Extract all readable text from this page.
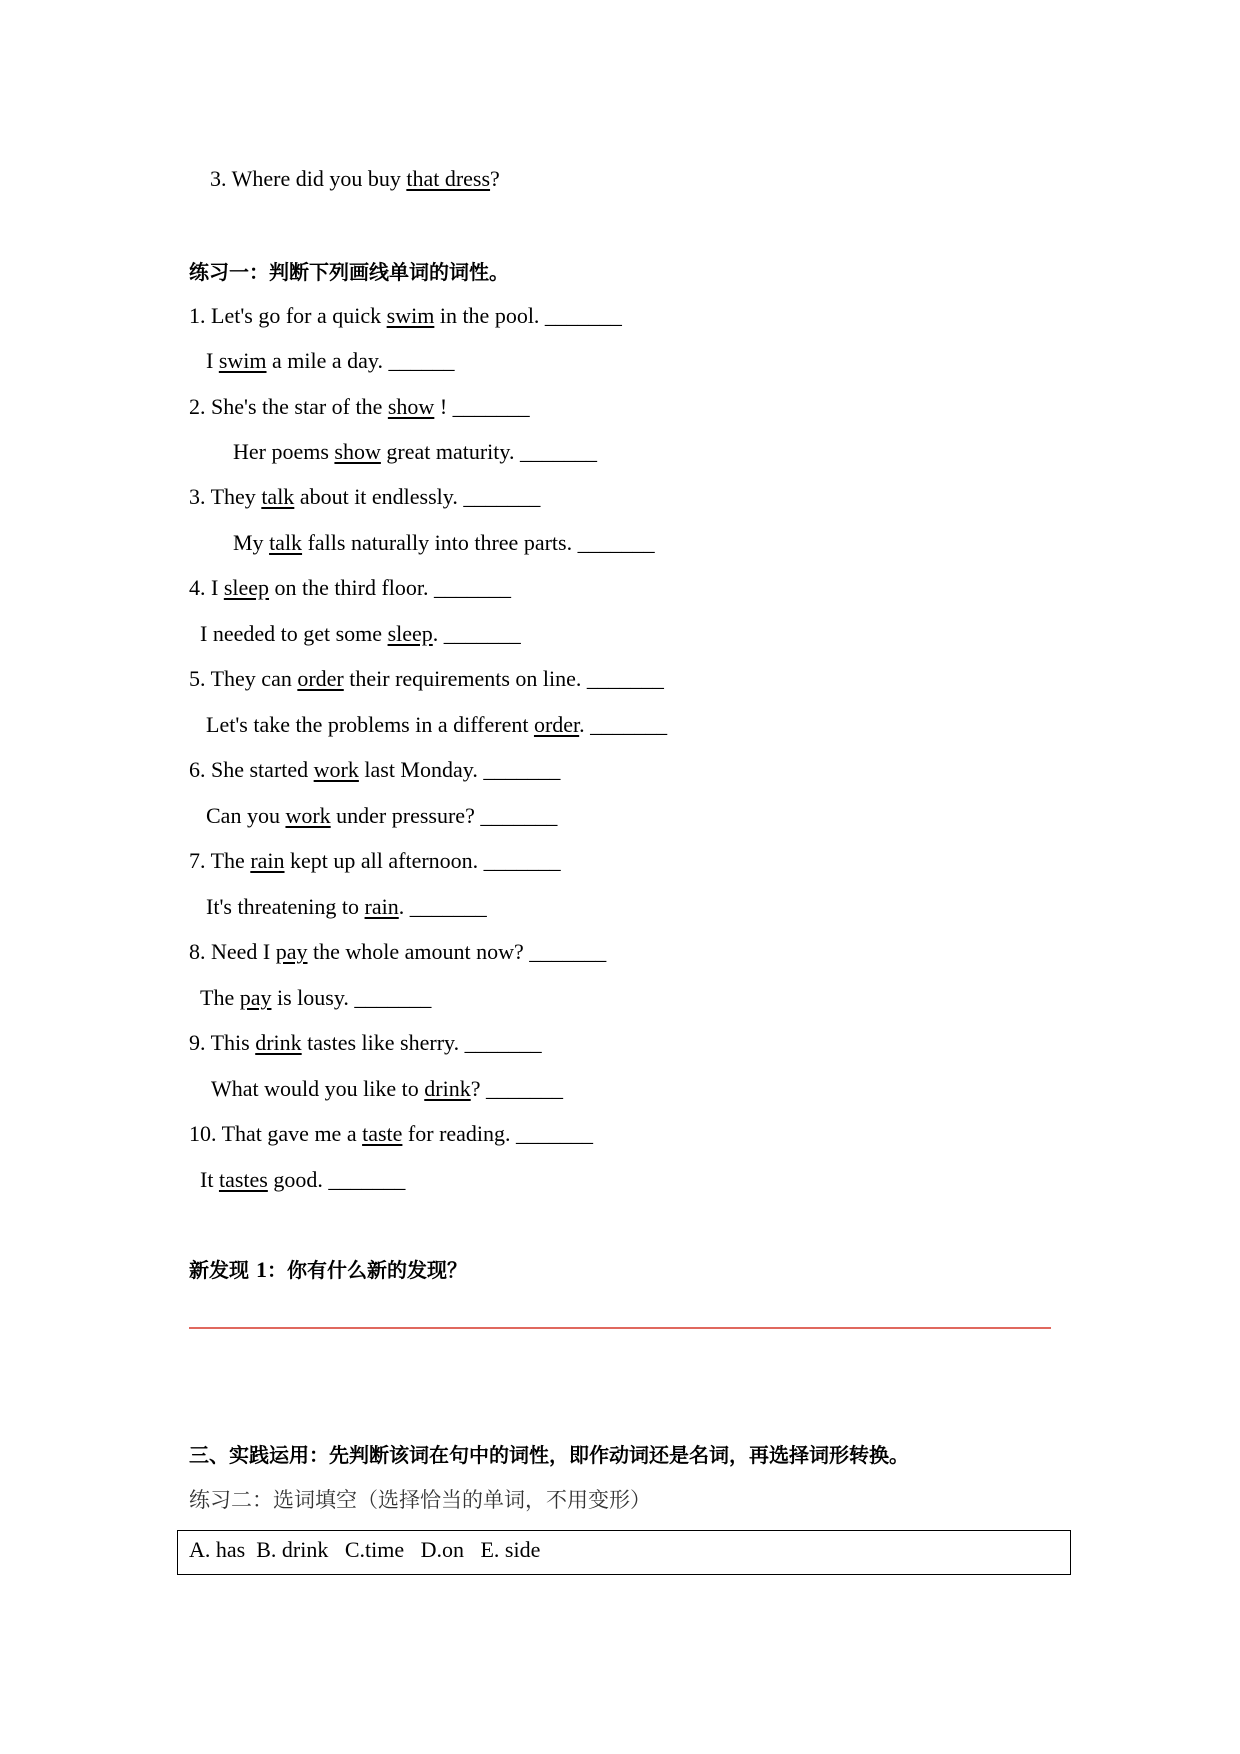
3. Where did you buy that dress?
练习一：判断下列画线单词的词性。
1. Let's go for a quick swim in the pool. _______
I swim a mile a day. ______
2. She's the star of the show ! _______
Her poems show great maturity. _______
3. They talk about it endlessly. _______
My talk falls naturally into three parts. _______
4. I sleep on the third floor. _______
I needed to get some sleep. _______
5. They can order their requirements on line. _______
Let's take the problems in a different order. _______
6. She started work last Monday. _______
Can you work under pressure? _______
7. The rain kept up all afternoon. _______
It's threatening to rain. _______
8. Need I pay the whole amount now? _______
The pay is lousy. _______
9. This drink tastes like sherry. _______
What would you like to drink? _______
10. That gave me a taste for reading. _______
It tastes good. _______
新发现 1：你有什么新的发现？
三、实践运用：先判断该词在句中的词性，即作动词还是名词，再选择词形转换。
练习二：选词填空（选择恰当的单词，不用变形）
A. has  B. drink   C.time   D.on   E. side
